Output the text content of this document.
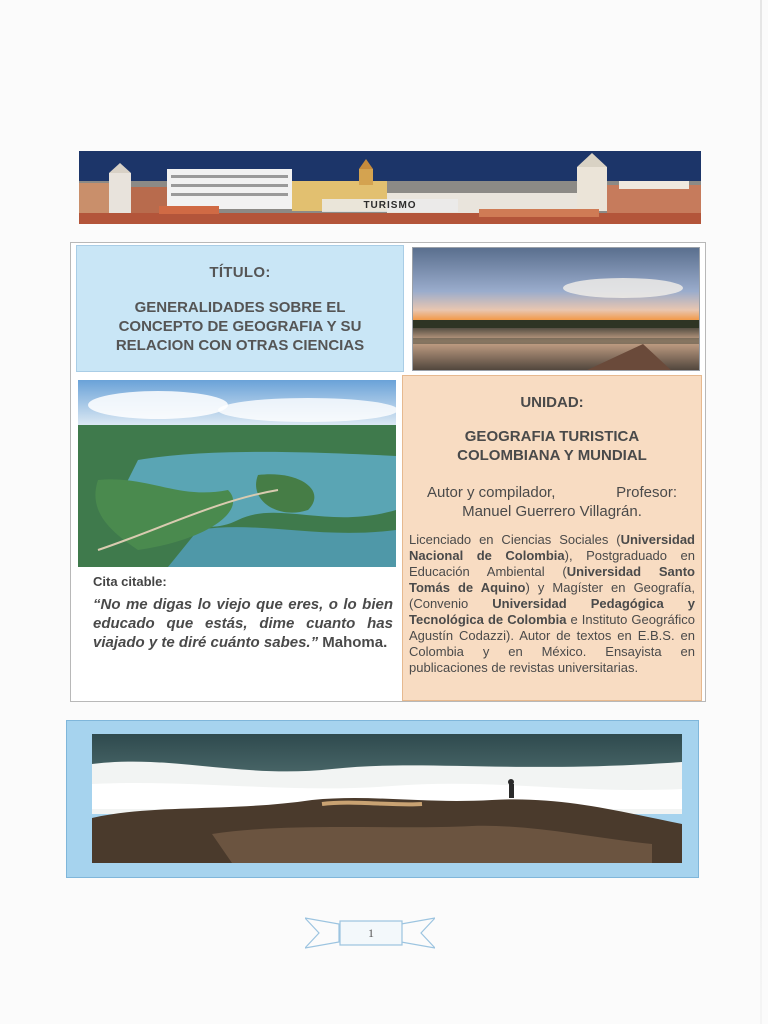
TURISMO
TÍTULO:
GENERALIDADES SOBRE EL
CONCEPTO DE GEOGRAFIA Y SU
RELACION CON OTRAS CIENCIAS
Cita citable:
“No me digas lo viejo que eres, o lo bien educado que estás, dime cuanto has viajado y te diré cuánto sabes.” Mahoma.
UNIDAD:
GEOGRAFIA TURISTICA
COLOMBIANA Y MUNDIAL
Autor y compilador,	Profesor:
Manuel Guerrero Villagrán.
Licenciado en Ciencias Sociales (Universidad Nacional de Colombia), Postgraduado en Educación Ambiental (Universidad Santo Tomás de Aquino) y Magíster en Geografía, (Convenio Universidad Pedagógica y Tecnológica de Colombia e Instituto Geográfico Agustín Codazzi). Autor de textos en E.B.S. en Colombia y en México. Ensayista en publicaciones de revistas universitarias.
1
